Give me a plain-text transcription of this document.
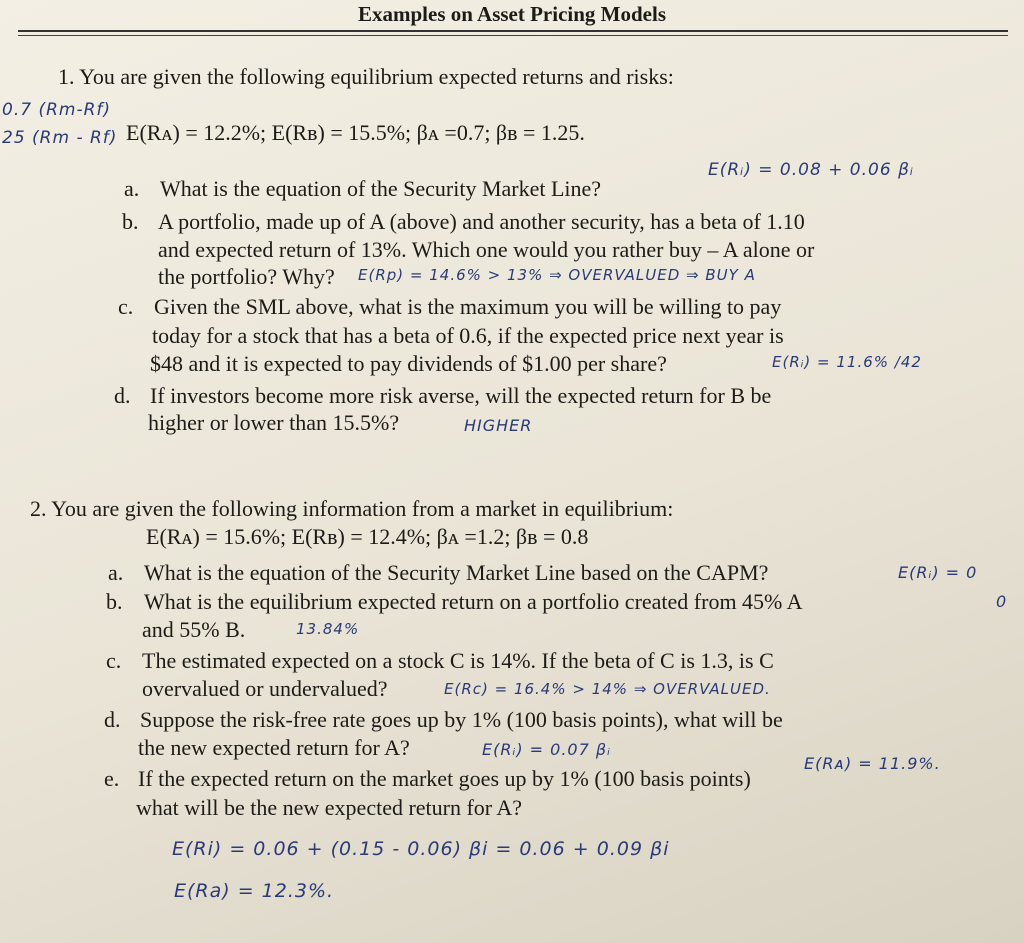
Examples on Asset Pricing Models
1. You are given the following equilibrium expected returns and risks:
E(Rᴀ) = 12.2%; E(Rʙ) = 15.5%; βᴀ =0.7; βʙ = 1.25.
a. What is the equation of the Security Market Line?
b. A portfolio, made up of A (above) and another security, has a beta of 1.10
and expected return of 13%. Which one would you rather buy – A alone or
the portfolio? Why?
c. Given the SML above, what is the maximum you will be willing to pay
today for a stock that has a beta of 0.6, if the expected price next year is
$48 and it is expected to pay dividends of $1.00 per share?
d. If investors become more risk averse, will the expected return for B be
higher or lower than 15.5%?
2. You are given the following information from a market in equilibrium:
E(Rᴀ) = 15.6%; E(Rʙ) = 12.4%; βᴀ =1.2; βʙ = 0.8
a. What is the equation of the Security Market Line based on the CAPM?
b. What is the equilibrium expected return on a portfolio created from 45% A
and 55% B.
c. The estimated expected on a stock C is 14%. If the beta of C is 1.3, is C
overvalued or undervalued?
d. Suppose the risk-free rate goes up by 1% (100 basis points), what will be
the new expected return for A?
e. If the expected return on the market goes up by 1% (100 basis points)
what will be the new expected return for A?
0.7 (Rm-Rf)
25 (Rm - Rf)
E(Rᵢ) = 0.08 + 0.06 βᵢ
E(Rp) = 14.6% > 13% ⇒ OVERVALUED ⇒ BUY A
E(Rᵢ) = 11.6% /42
HIGHER
E(Rᵢ) = 0
0
13.84%
E(Rc) = 16.4% > 14% ⇒ OVERVALUED.
E(Rᵢ) = 0.07 βᵢ
E(Rᴀ) = 11.9%.
E(Ri) = 0.06 + (0.15 - 0.06) βi = 0.06 + 0.09 βi
E(Ra) = 12.3%.
